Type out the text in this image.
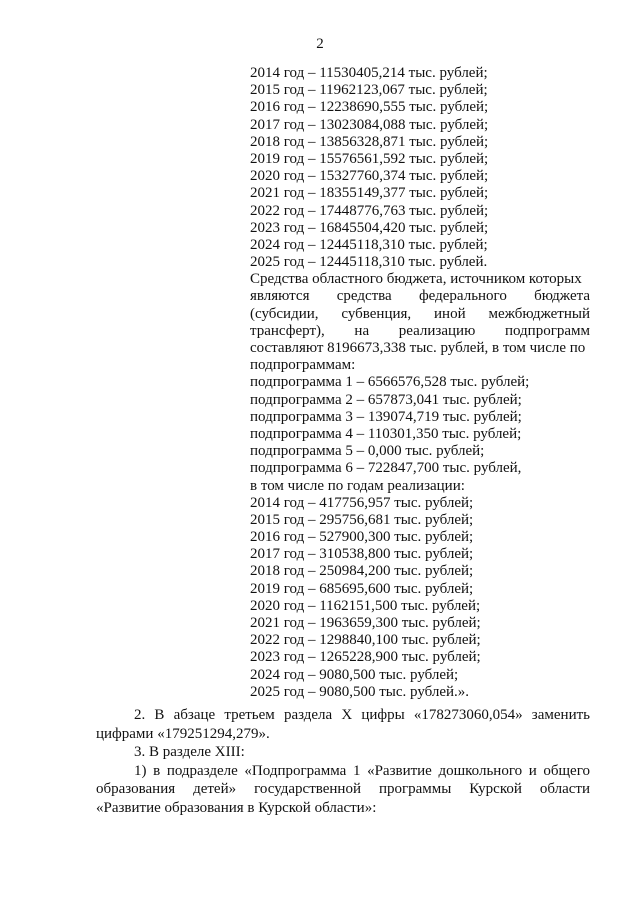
2
2014 год – 11530405,214 тыс. рублей;
2015 год – 11962123,067 тыс. рублей;
2016 год – 12238690,555 тыс. рублей;
2017 год – 13023084,088 тыс. рублей;
2018 год – 13856328,871 тыс. рублей;
2019 год – 15576561,592 тыс. рублей;
2020 год – 15327760,374 тыс. рублей;
2021 год – 18355149,377 тыс. рублей;
2022 год – 17448776,763 тыс. рублей;
2023 год – 16845504,420 тыс. рублей;
2024 год – 12445118,310 тыс. рублей;
2025 год – 12445118,310 тыс. рублей.
Средства областного бюджета, источником которых
являются средства федерального бюджета
(субсидии, субвенция, иной межбюджетный
трансферт), на реализацию подпрограмм
составляют 8196673,338 тыс. рублей, в том числе по
подпрограммам:
подпрограмма 1 – 6566576,528 тыс. рублей;
подпрограмма 2 – 657873,041 тыс. рублей;
подпрограмма 3 – 139074,719 тыс. рублей;
подпрограмма 4 – 110301,350 тыс. рублей;
подпрограмма 5 – 0,000 тыс. рублей;
подпрограмма 6 – 722847,700 тыс. рублей,
в том числе по годам реализации:
2014 год – 417756,957 тыс. рублей;
2015 год – 295756,681 тыс. рублей;
2016 год – 527900,300 тыс. рублей;
2017 год – 310538,800 тыс. рублей;
2018 год – 250984,200 тыс. рублей;
2019 год – 685695,600 тыс. рублей;
2020 год – 1162151,500 тыс. рублей;
2021 год – 1963659,300 тыс. рублей;
2022 год – 1298840,100 тыс. рублей;
2023 год – 1265228,900 тыс. рублей;
2024 год – 9080,500 тыс. рублей;
2025 год – 9080,500 тыс. рублей.».
2. В абзаце третьем раздела X цифры «178273060,054» заменить
цифрами «179251294,279».
3. В разделе XIII:
1) в подразделе «Подпрограмма 1 «Развитие дошкольного и общего
образования детей» государственной программы Курской области
«Развитие образования в Курской области»:
